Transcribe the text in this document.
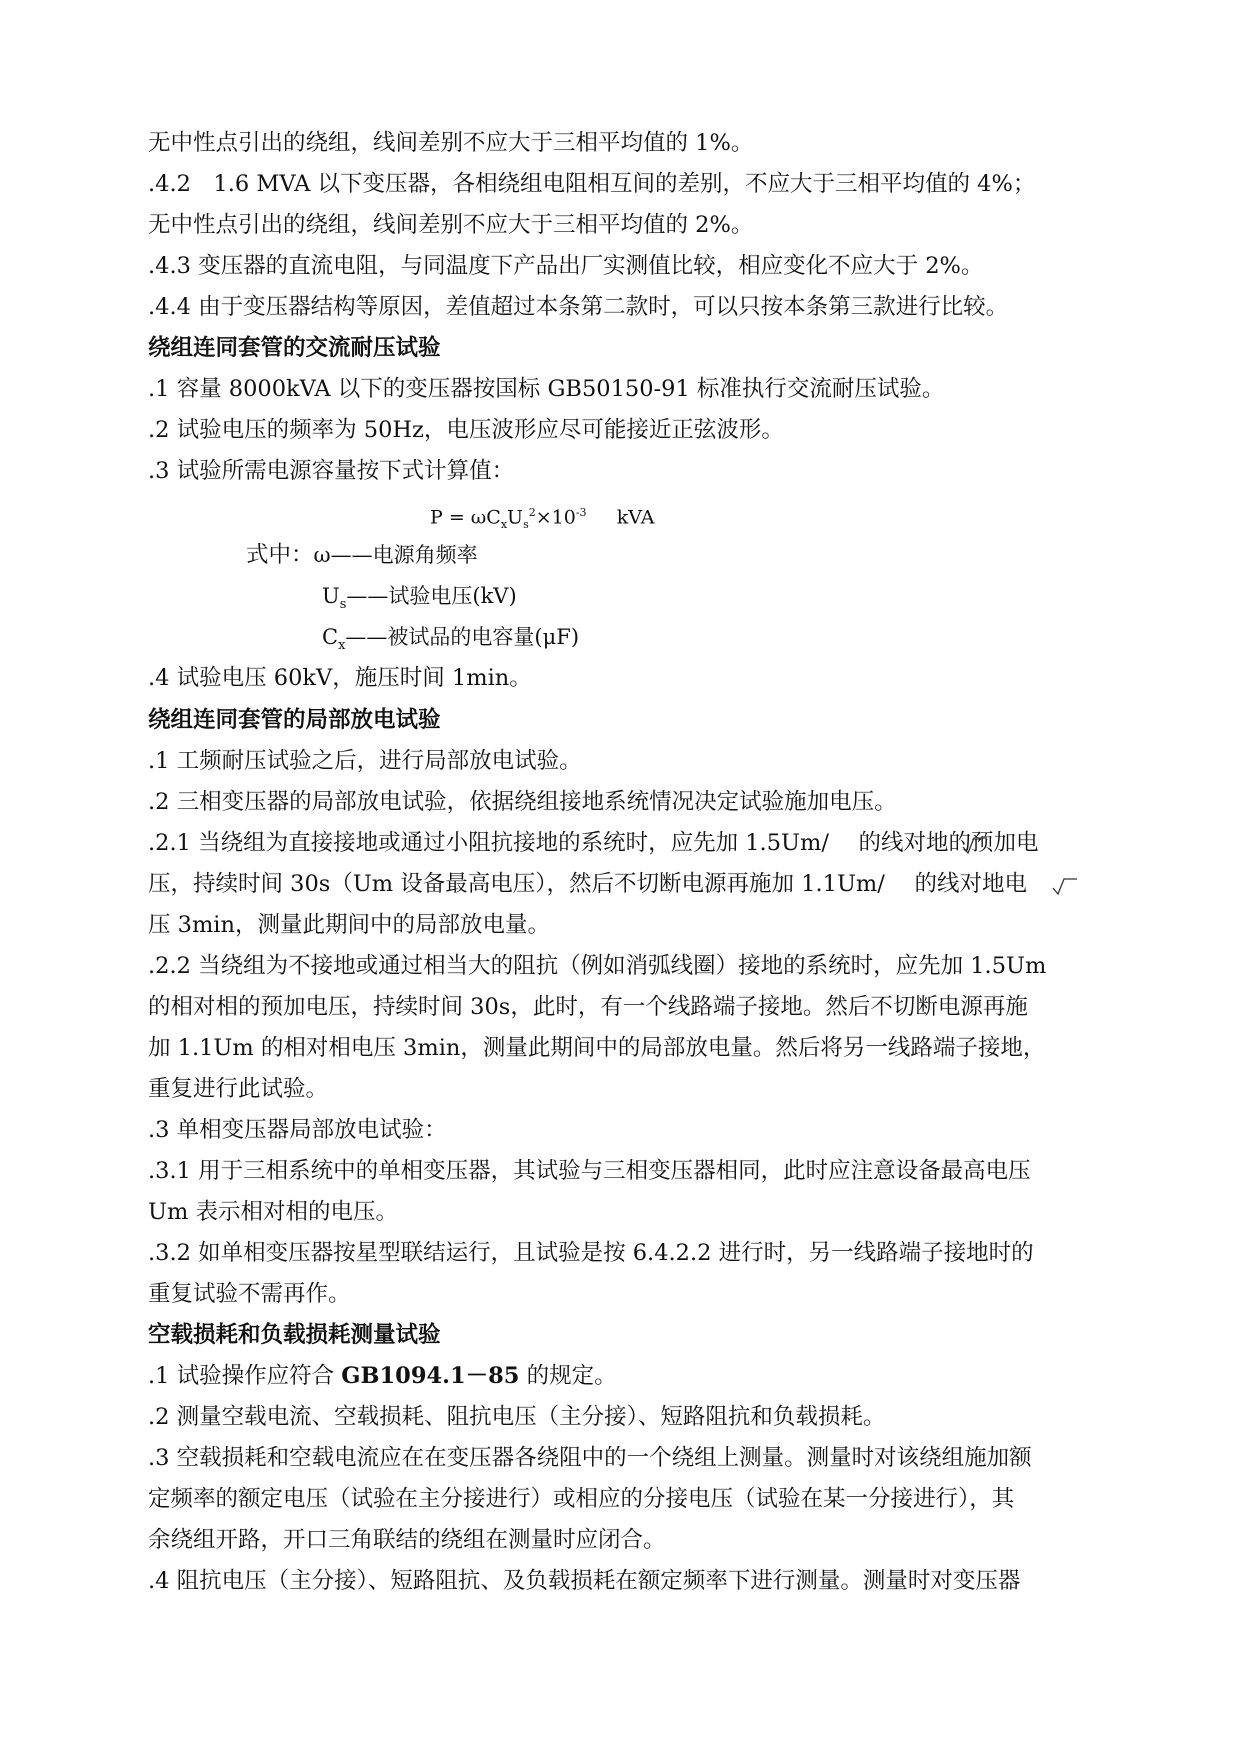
无中性点引出的绕组，线间差别不应大于三相平均值的 1%。
.4.2　1.6 MVA 以下变压器，各相绕组电阻相互间的差别，不应大于三相平均值的 4%；
无中性点引出的绕组，线间差别不应大于三相平均值的 2%。
.4.3 变压器的直流电阻，与同温度下产品出厂实测值比较，相应变化不应大于 2%。
.4.4 由于变压器结构等原因，差值超过本条第二款时，可以只按本条第三款进行比较。
绕组连同套管的交流耐压试验
.1 容量 8000kVA 以下的变压器按国标 GB50150-91 标准执行交流耐压试验。
.2 试验电压的频率为 50Hz，电压波形应尽可能接近正弦波形。
.3 试验所需电源容量按下式计算值：
$P = \omega C_xU_s^2\times 10^{-3}$ kVA
式中：ω——电源角频率
$U_s——$试验电压(kV)
$C_x——$被试品的电容量(μF)
.4 试验电压 60kV，施压时间 1min。
绕组连同套管的局部放电试验
.1 工频耐压试验之后，进行局部放电试验。
.2 三相变压器的局部放电试验，依据绕组接地系统情况决定试验施加电压。
.2.1 当绕组为直接接地或通过小阻抗接地的系统时，应先加 1.5Um/　 的线对地的预加电
压，持续时间 30s（Um 设备最高电压），然后不切断电源再施加 1.1Um/　 的线对地电
压 3min，测量此期间中的局部放电量。
.2.2 当绕组为不接地或通过相当大的阻抗（例如消弧线圈）接地的系统时，应先加 1.5Um
的相对相的预加电压，持续时间 30s，此时，有一个线路端子接地。然后不切断电源再施
加 1.1Um 的相对相电压 3min，测量此期间中的局部放电量。然后将另一线路端子接地，
重复进行此试验。
.3 单相变压器局部放电试验：
.3.1 用于三相系统中的单相变压器，其试验与三相变压器相同，此时应注意设备最高电压
Um 表示相对相的电压。
.3.2 如单相变压器按星型联结运行，且试验是按 6.4.2.2 进行时，另一线路端子接地时的
重复试验不需再作。
空载损耗和负载损耗测量试验
.1 试验操作应符合 GB1094.1－85 的规定。
.2 测量空载电流、空载损耗、阻抗电压（主分接）、短路阻抗和负载损耗。
.3 空载损耗和空载电流应在在变压器各绕阻中的一个绕组上测量。测量时对该绕组施加额
定频率的额定电压（试验在主分接进行）或相应的分接电压（试验在某一分接进行），其
余绕组开路，开口三角联结的绕组在测量时应闭合。
.4 阻抗电压（主分接）、短路阻抗、及负载损耗在额定频率下进行测量。测量时对变压器
